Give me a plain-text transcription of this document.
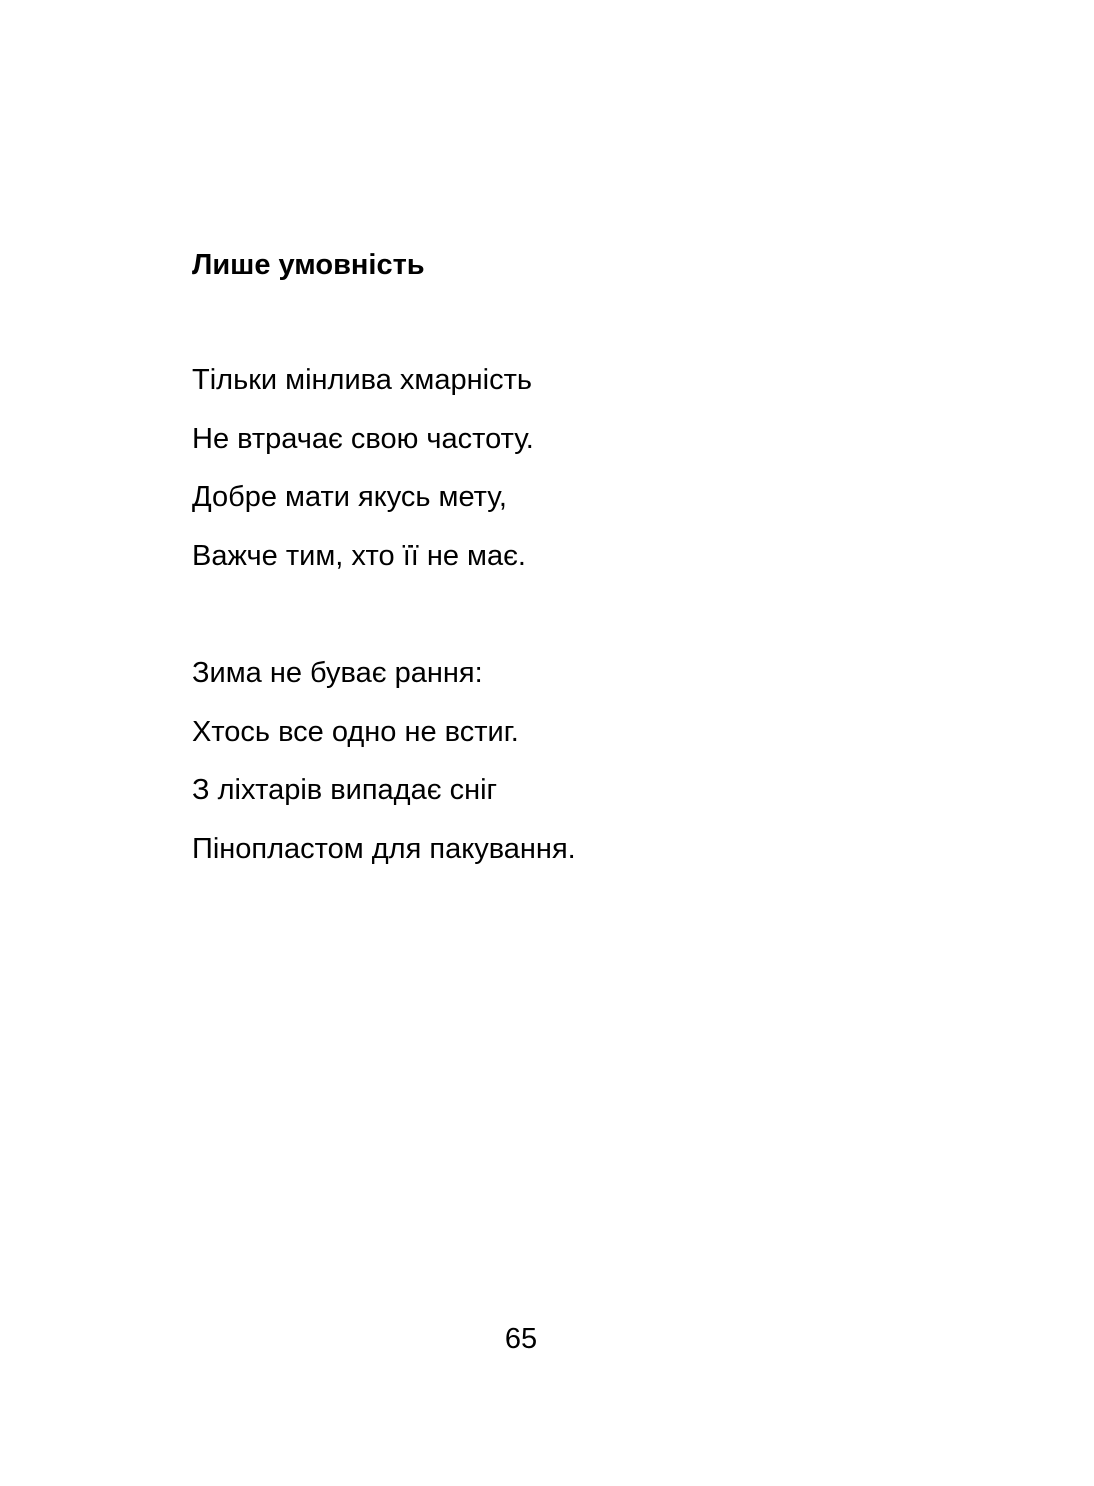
Лише умовність
Тільки мінлива хмарність
Не втрачає свою частоту.
Добре мати якусь мету,
Важче тим, хто її не має.
Зима не буває рання:
Хтось все одно не встиг.
З ліхтарів випадає сніг
Пінопластом для пакування.
65
